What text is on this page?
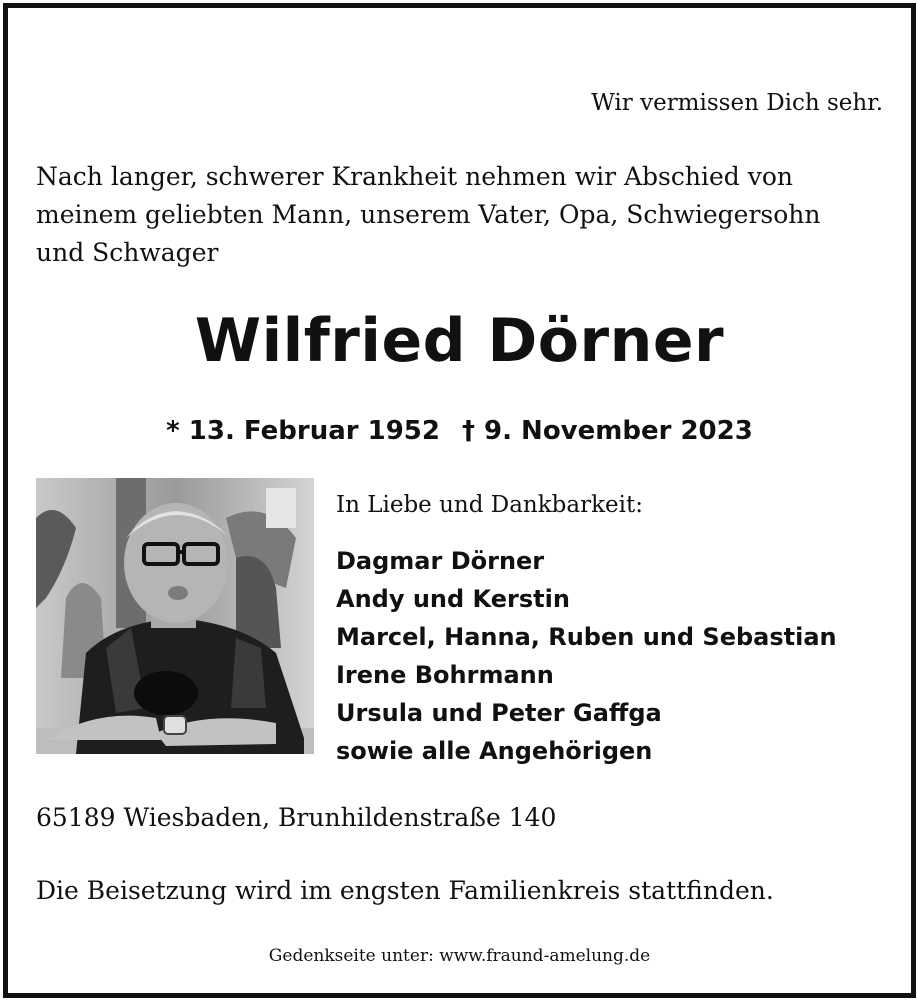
Wir vermissen Dich sehr.
Nach langer, schwerer Krankheit nehmen wir Abschied von
meinem geliebten Mann, unserem Vater, Opa, Schwiegersohn
und Schwager
Wilfried Dörner
* 13. Februar 1952 † 9. November 2023
In Liebe und Dankbarkeit:
Dagmar Dörner
Andy und Kerstin
Marcel, Hanna, Ruben und Sebastian
Irene Bohrmann
Ursula und Peter Gaffga
sowie alle Angehörigen
65189 Wiesbaden, Brunhildenstraße 140
Die Beisetzung wird im engsten Familienkreis stattfinden.
Gedenkseite unter: www.fraund-amelung.de
